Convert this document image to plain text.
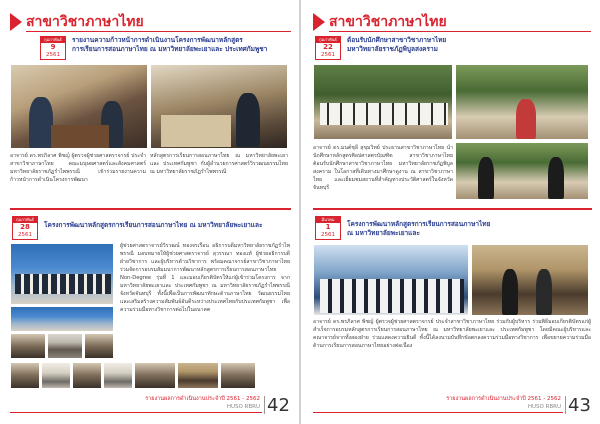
สาขาวิชาภาษาไทย
กุมภาพันธ์
9
2561
รายงานความก้าวหน้าการดำเนินงานโครงการพัฒนาหลักสูตร
การเรียนการสอนภาษาไทย ณ มหาวิทยาลัยพะเยาและ ประเทศกัมพูชา
อาจารย์ ดร.พรภิลาศ พิชญ์ ผู้ตรวจผู้ช่วยศาสตราจารย์ ประจำสาขาวิชาภาษาไทย คณะมนุษยศาสตร์และสังคมศาสตร์ มหาวิทยาลัยราชภัฏรำไพพรรณี เข้าร่วมรายงานความก้าวหน้าการดำเนินโครงการพัฒนา
หลักสูตรการเรียนการสอนภาษาไทย ณ มหาวิทยาลัยพะเยาและ ประเทศกัมพูชา กับผู้อำนวยการศาสตร์วิรวฒนธรรมไทย ณ มหาวิทยาลัยราชภัฏรำไพพรรณี
กุมภาพันธ์
28
2561
โครงการพัฒนาหลักสูตรการเรียนการสอนภาษาไทย ณ มหาวิทยาลัยพะเยาและ
ผู้ช่วยศาสตราจารย์วิรวฒน์ ทองจรเรือน อธิการบดีมหาวิทยาลัยราชภัฏรำไพพรรณี มอบหมายให้ผู้ช่วยศาสตราจารย์ สุวรรณา ทองแท้ ผู้ช่วยอธิการบดีฝ่ายวิชาการ และผู้บริหารด้านวิชาการ พร้อมคณาจารย์สาขาวิชาภาษาไทย ร่วมจัดการอบรมสัมมนาการพัฒนาหลักสูตรการเรียนการสอนภาษาไทย Non-Degree รุ่นที่ 1 และมอบเกียรติบัตรให้แก่ผู้เข้าร่วมโครงการ จากมหาวิทยาลัยพะเยาและ ประเทศกัมพูชา ณ มหาวิทยาลัยราชภัฏรำไพพรรณี จังหวัดจันทบุรี ทั้งนี้เพื่อเป็นการพัฒนาทักษะด้านภาษาไทย วัฒนธรรมไทย และเสริมสร้างความสัมพันธ์อันดีระหว่างประเทศไทยกับประเทศกัมพูชา เพื่อความร่วมมือทางวิชาการต่อไปในอนาคต
รายงานผลการดำเนินงานประจำปี 2561 - 2562
HUSO RBRU 42
สาขาวิชาภาษาไทย
กุมภาพันธ์
22
2561
ต้อนรับนักศึกษาสาขาวิชาภาษาไทย
มหาวิทยาลัยราชภัฏพิบูลสงคราม
อาจารย์ ดร.มนต์ชุลี สุขุมวิทย์ ประธานสาขาวิชาภาษาไทย นำนักศึกษาหลักสูตรศิลปศาสตรบัณฑิต สาขาวิชาภาษาไทย ต้อนรับนักศึกษาสาขาวิชาภาษาไทย มหาวิทยาลัยราชภัฏพิบูลสงคราม ในโอกาสที่เดินทางมาศึกษาดูงาน ณ สาขาวิชาภาษาไทย และเยี่ยมชมสถานที่สำคัญทางประวัติศาสตร์ในจังหวัดจันทบุรี
มีนาคม
1
2561
โครงการพัฒนาหลักสูตรการเรียนการสอนภาษาไทย
ณ มหาวิทยาลัยพะเยาและ
อาจารย์ ดร.พรภิลาศ พิชญ์ ผู้ตรวจผู้ช่วยศาสตราจารย์ ประจำสาขาวิชาภาษาไทย ร่วมกับผู้บริหาร ร่วมพิธีมอบเกียรติบัตรแก่ผู้สำเร็จการอบรมหลักสูตรการเรียนการสอนภาษาไทย ณ มหาวิทยาลัยพะเยาและ ประเทศกัมพูชา โดยมีคณะผู้บริหารและคณาจารย์จากทั้งสองฝ่าย ร่วมแสดงความยินดี ทั้งนี้ได้ลงนามบันทึกข้อตกลงความร่วมมือทางวิชาการ เพื่อขยายความร่วมมือด้านการเรียนการสอนภาษาไทยอย่างต่อเนื่อง
รายงานผลการดำเนินงานประจำปี 2561 - 2562
HUSO RBRU 43
